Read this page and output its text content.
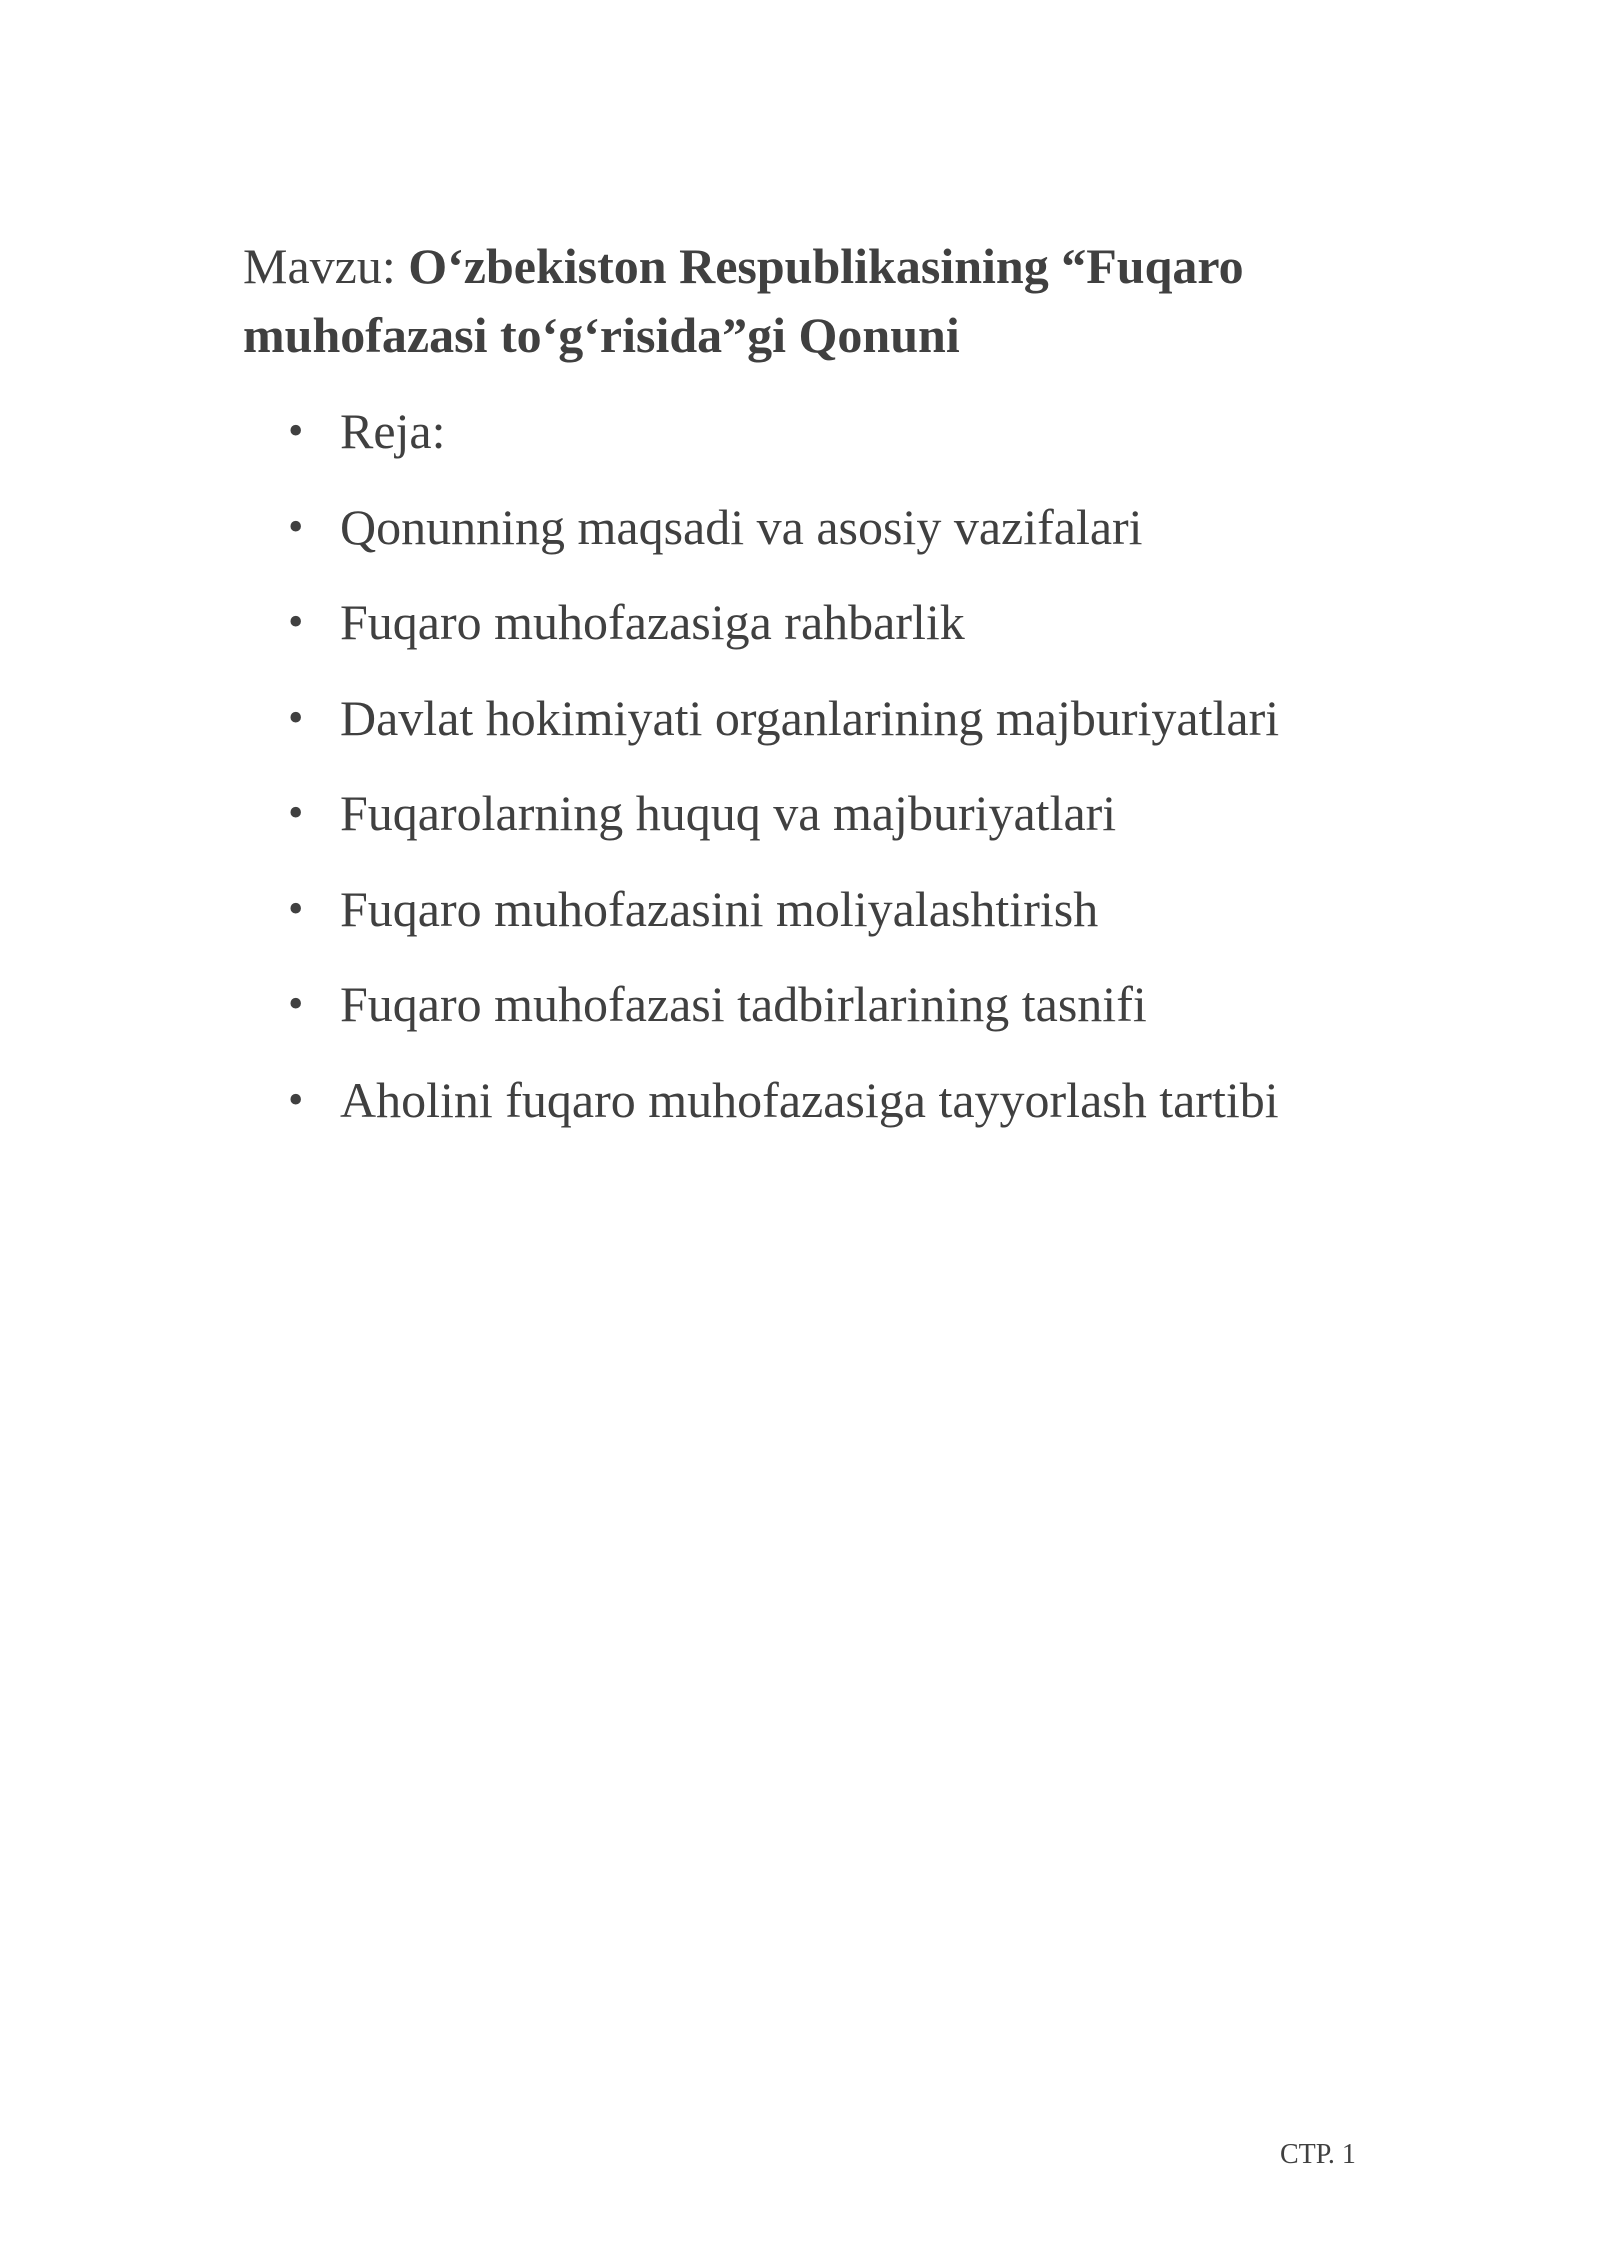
Mavzu: O‘zbekiston Respublikasining “Fuqaro muhofazasi to‘g‘risida”gi Qonuni
• Reja:
• Qonunning maqsadi va asosiy vazifalari
• Fuqaro muhofazasiga rahbarlik
• Davlat hokimiyati organlarining majburiyatlari
• Fuqarolarning huquq va majburiyatlari
• Fuqaro muhofazasini moliyalashtirish
• Fuqaro muhofazasi tadbirlarining tasnifi
• Aholini fuqaro muhofazasiga tayyorlash tartibi
СТР. 1
